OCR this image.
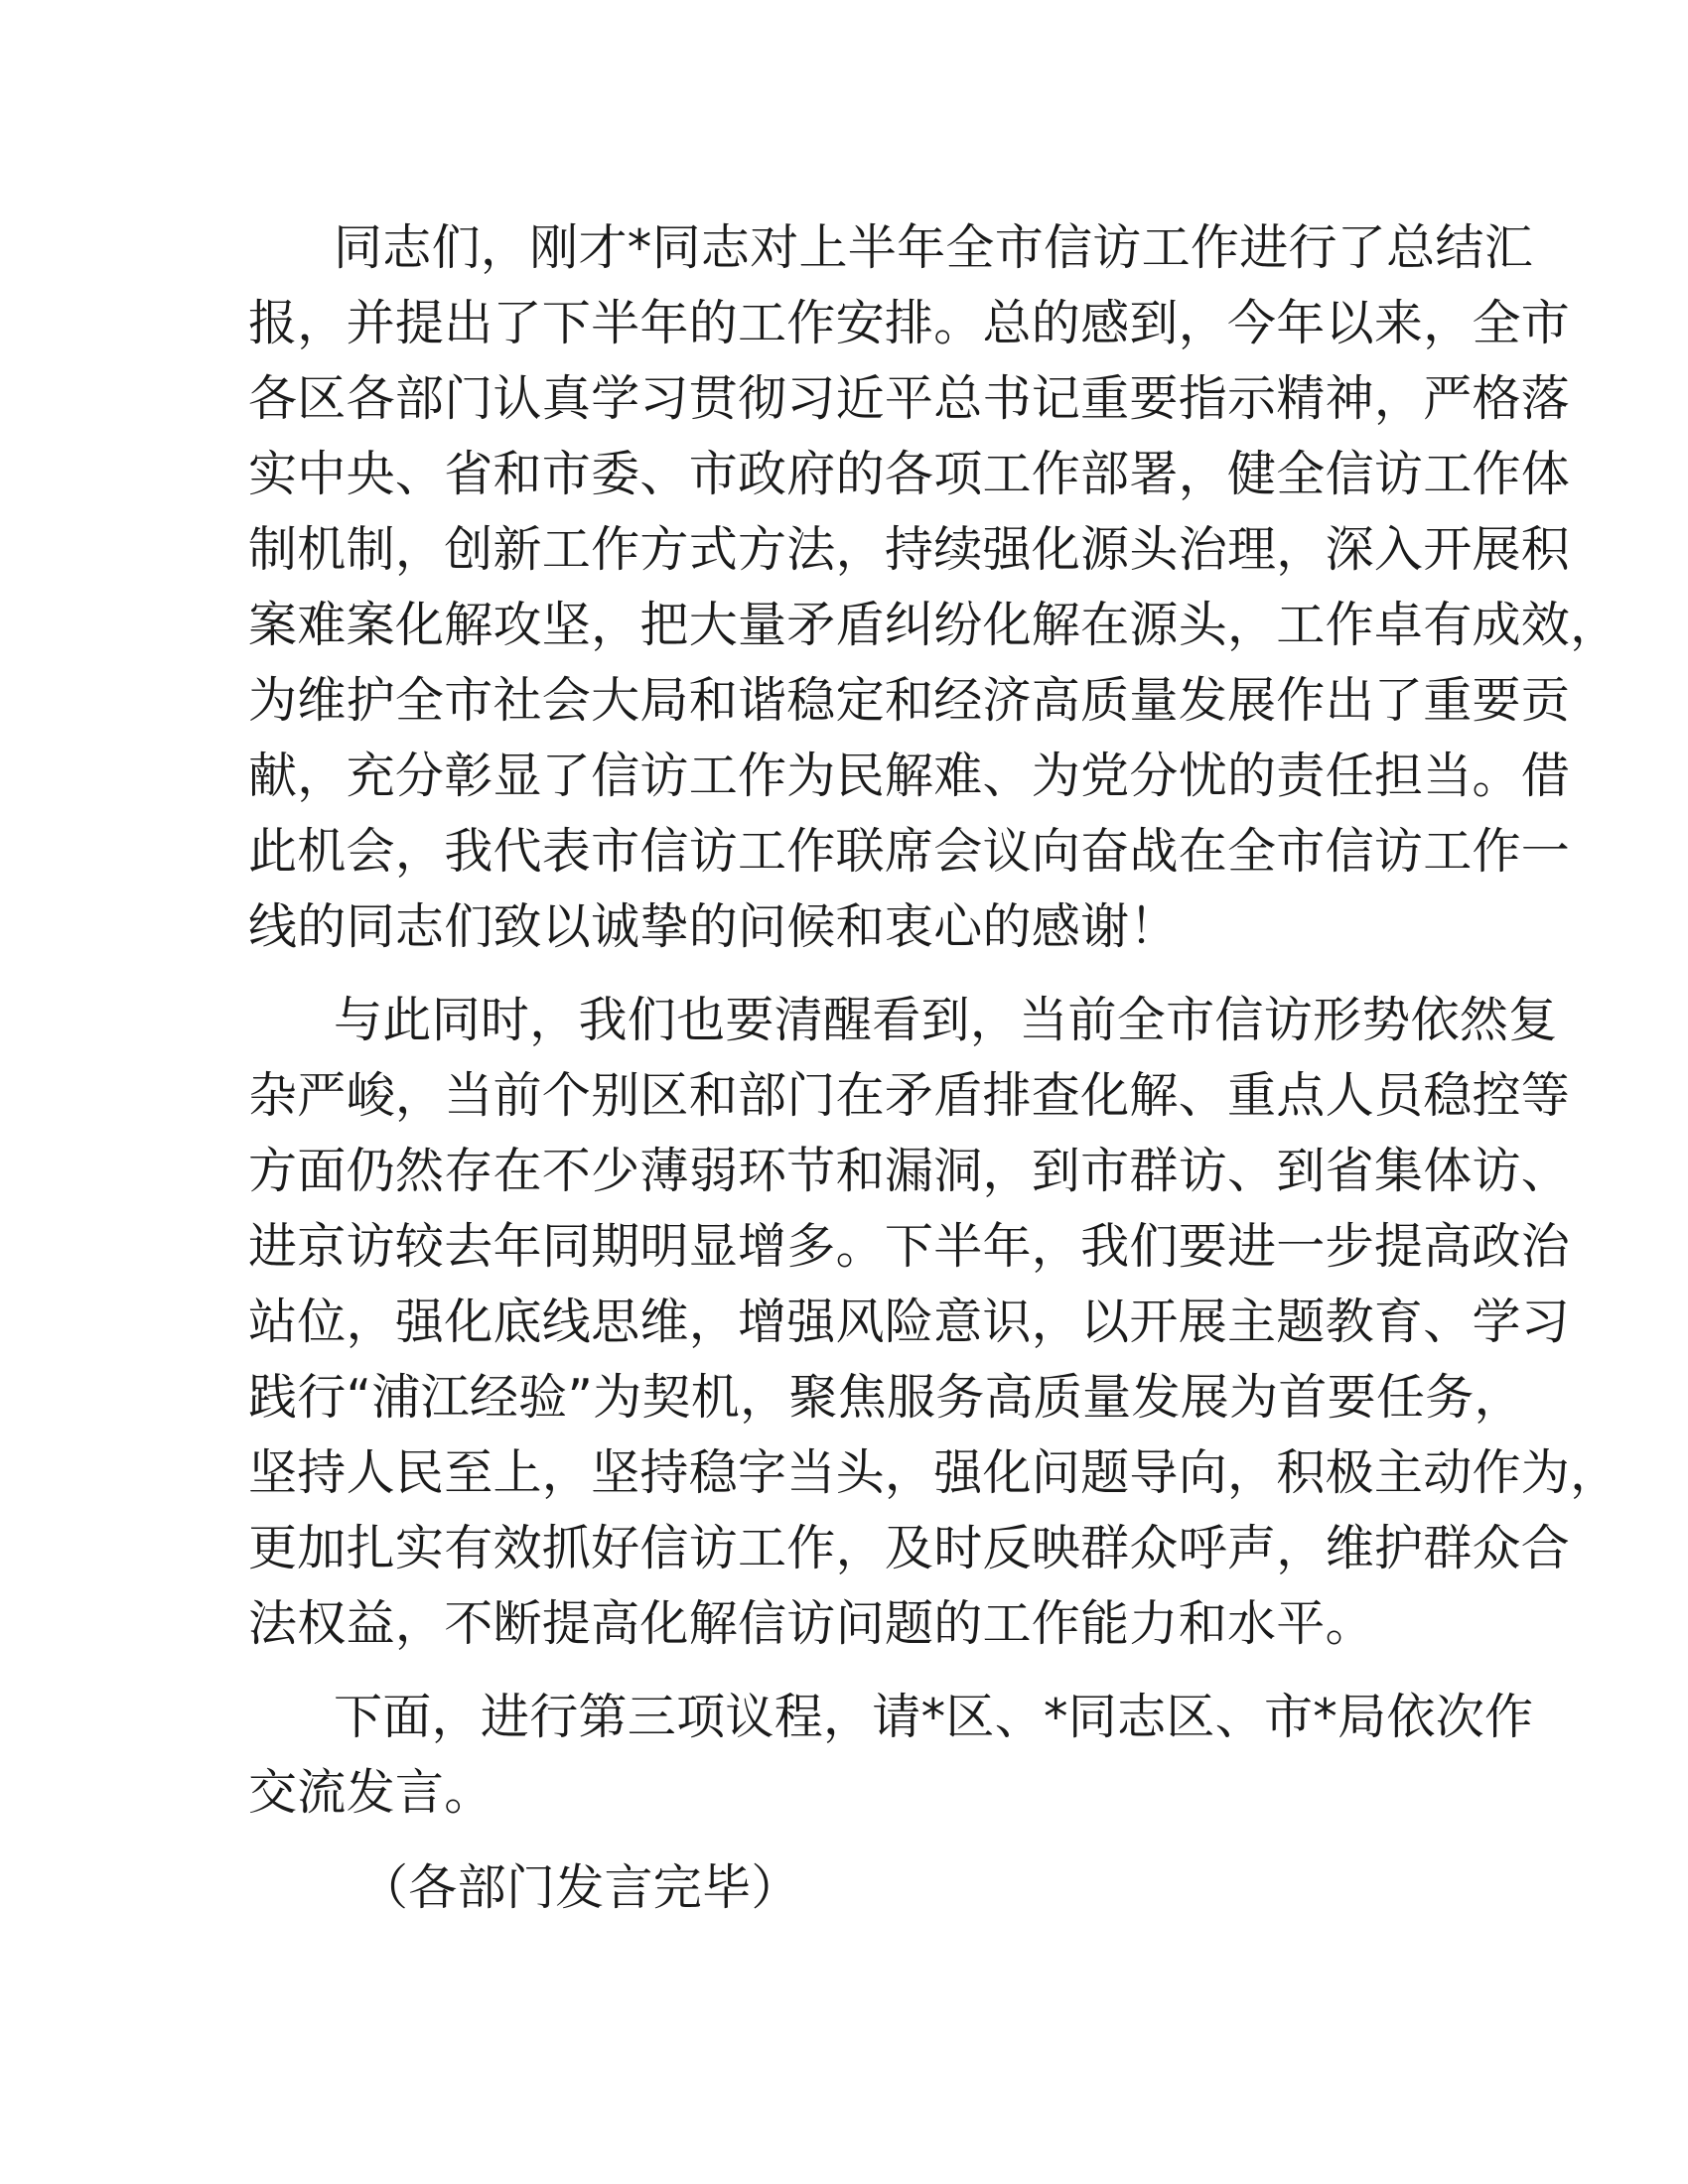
同志们，刚才*同志对上半年全市信访工作进行了总结汇
报，并提出了下半年的工作安排。总的感到，今年以来，全市
各区各部门认真学习贯彻习近平总书记重要指示精神，严格落
实中央、省和市委、市政府的各项工作部署，健全信访工作体
制机制，创新工作方式方法，持续强化源头治理，深入开展积
案难案化解攻坚，把大量矛盾纠纷化解在源头，工作卓有成效，
为维护全市社会大局和谐稳定和经济高质量发展作出了重要贡
献，充分彰显了信访工作为民解难、为党分忧的责任担当。借
此机会，我代表市信访工作联席会议向奋战在全市信访工作一
线的同志们致以诚挚的问候和衷心的感谢！
与此同时，我们也要清醒看到，当前全市信访形势依然复
杂严峻，当前个别区和部门在矛盾排查化解、重点人员稳控等
方面仍然存在不少薄弱环节和漏洞，到市群访、到省集体访、
进京访较去年同期明显增多。下半年，我们要进一步提高政治
站位，强化底线思维，增强风险意识，以开展主题教育、学习
践行“浦江经验”为契机，聚焦服务高质量发展为首要任务，
坚持人民至上，坚持稳字当头，强化问题导向，积极主动作为，
更加扎实有效抓好信访工作，及时反映群众呼声，维护群众合
法权益，不断提高化解信访问题的工作能力和水平。
下面，进行第三项议程，请*区、*同志区、市*局依次作
交流发言。
（各部门发言完毕）
